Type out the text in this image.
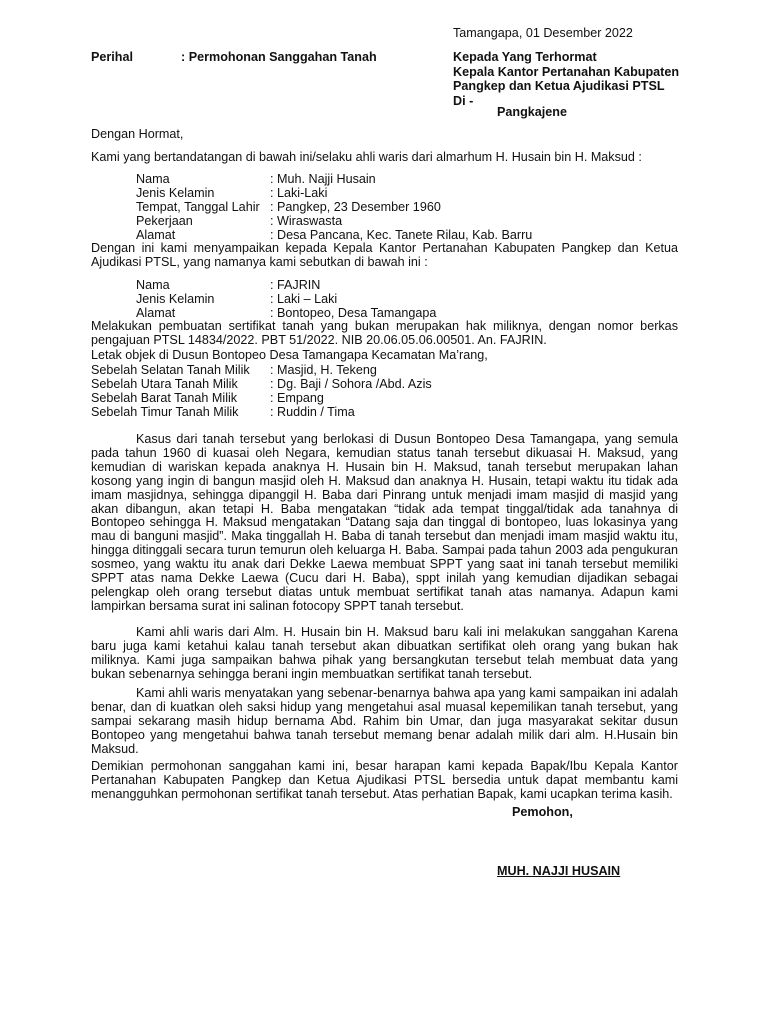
Tamangapa, 01 Desember 2022
Perihal	: Permohonan Sanggahan Tanah	Kepada Yang Terhormat
Kepala Kantor Pertanahan Kabupaten
Pangkep dan Ketua Ajudikasi PTSL
Di -
Pangkajene
Dengan Hormat,
Kami yang bertandatangan di bawah ini/selaku ahli waris dari almarhum H. Husain bin H. Maksud :
Nama	: Muh. Najji Husain
Jenis Kelamin	: Laki-Laki
Tempat, Tanggal Lahir : Pangkep, 23 Desember 1960
Pekerjaan	: Wiraswasta
Alamat	: Desa Pancana, Kec. Tanete Rilau, Kab. Barru
Dengan ini kami menyampaikan kepada Kepala Kantor Pertanahan Kabupaten Pangkep dan Ketua Ajudikasi PTSL, yang namanya kami sebutkan di bawah ini :
Nama	: FAJRIN
Jenis Kelamin	: Laki – Laki
Alamat	: Bontopeo, Desa Tamangapa
Melakukan pembuatan sertifikat tanah yang bukan merupakan hak miliknya, dengan nomor berkas pengajuan PTSL 14834/2022. PBT 51/2022. NIB 20.06.05.06.00501. An. FAJRIN.
Letak objek di Dusun Bontopeo Desa Tamangapa Kecamatan Ma’rang,
Sebelah Selatan Tanah Milik : Masjid, H. Tekeng
Sebelah Utara Tanah Milik	: Dg. Baji / Sohora /Abd. Azis
Sebelah Barat Tanah Milik	: Empang
Sebelah Timur Tanah Milik	: Ruddin / Tima
Kasus dari tanah tersebut yang berlokasi di Dusun Bontopeo Desa Tamangapa, yang semula pada tahun 1960 di kuasai oleh Negara, kemudian status tanah tersebut dikuasai H. Maksud, yang kemudian di wariskan kepada anaknya H. Husain bin H. Maksud, tanah tersebut merupakan lahan kosong yang ingin di bangun masjid oleh H. Maksud dan anaknya H. Husain, tetapi waktu itu tidak ada imam masjidnya, sehingga dipanggil H. Baba dari Pinrang untuk menjadi imam masjid di masjid yang akan dibangun, akan tetapi H. Baba mengatakan “tidak ada tempat tinggal/tidak ada tanahnya di Bontopeo sehingga H. Maksud mengatakan “Datang saja dan tinggal di bontopeo, luas lokasinya yang mau di banguni masjid”. Maka tinggallah H. Baba di tanah tersebut dan menjadi imam masjid waktu itu, hingga ditinggali secara turun temurun oleh keluarga H. Baba. Sampai pada tahun 2003 ada pengukuran sosmeo, yang waktu itu anak dari Dekke Laewa membuat SPPT yang saat ini tanah tersebut memiliki SPPT atas nama Dekke Laewa (Cucu dari H. Baba), sppt inilah yang kemudian dijadikan sebagai pelengkap oleh orang tersebut diatas untuk membuat sertifikat tanah atas namanya. Adapun kami lampirkan bersama surat ini salinan fotocopy SPPT tanah tersebut.
Kami ahli waris dari Alm. H. Husain bin H. Maksud baru kali ini melakukan sanggahan Karena baru juga kami ketahui kalau tanah tersebut akan dibuatkan sertifikat oleh orang yang bukan hak miliknya. Kami juga sampaikan bahwa pihak yang bersangkutan tersebut telah membuat data yang bukan sebenarnya sehingga berani ingin membuatkan sertifikat tanah tersebut.
Kami ahli waris menyatakan yang sebenar-benarnya bahwa apa yang kami sampaikan ini adalah benar, dan di kuatkan oleh saksi hidup yang mengetahui asal muasal kepemilikan tanah tersebut, yang sampai sekarang masih hidup bernama Abd. Rahim bin Umar, dan juga masyarakat sekitar dusun Bontopeo yang mengetahui bahwa tanah tersebut memang benar adalah milik dari alm. H.Husain bin Maksud.
Demikian permohonan sanggahan kami ini, besar harapan kami kepada Bapak/Ibu Kepala Kantor Pertanahan Kabupaten Pangkep dan Ketua Ajudikasi PTSL bersedia untuk dapat membantu kami menangguhkan permohonan sertifikat tanah tersebut. Atas perhatian Bapak, kami ucapkan terima kasih.
Pemohon,
MUH. NAJJI HUSAIN
